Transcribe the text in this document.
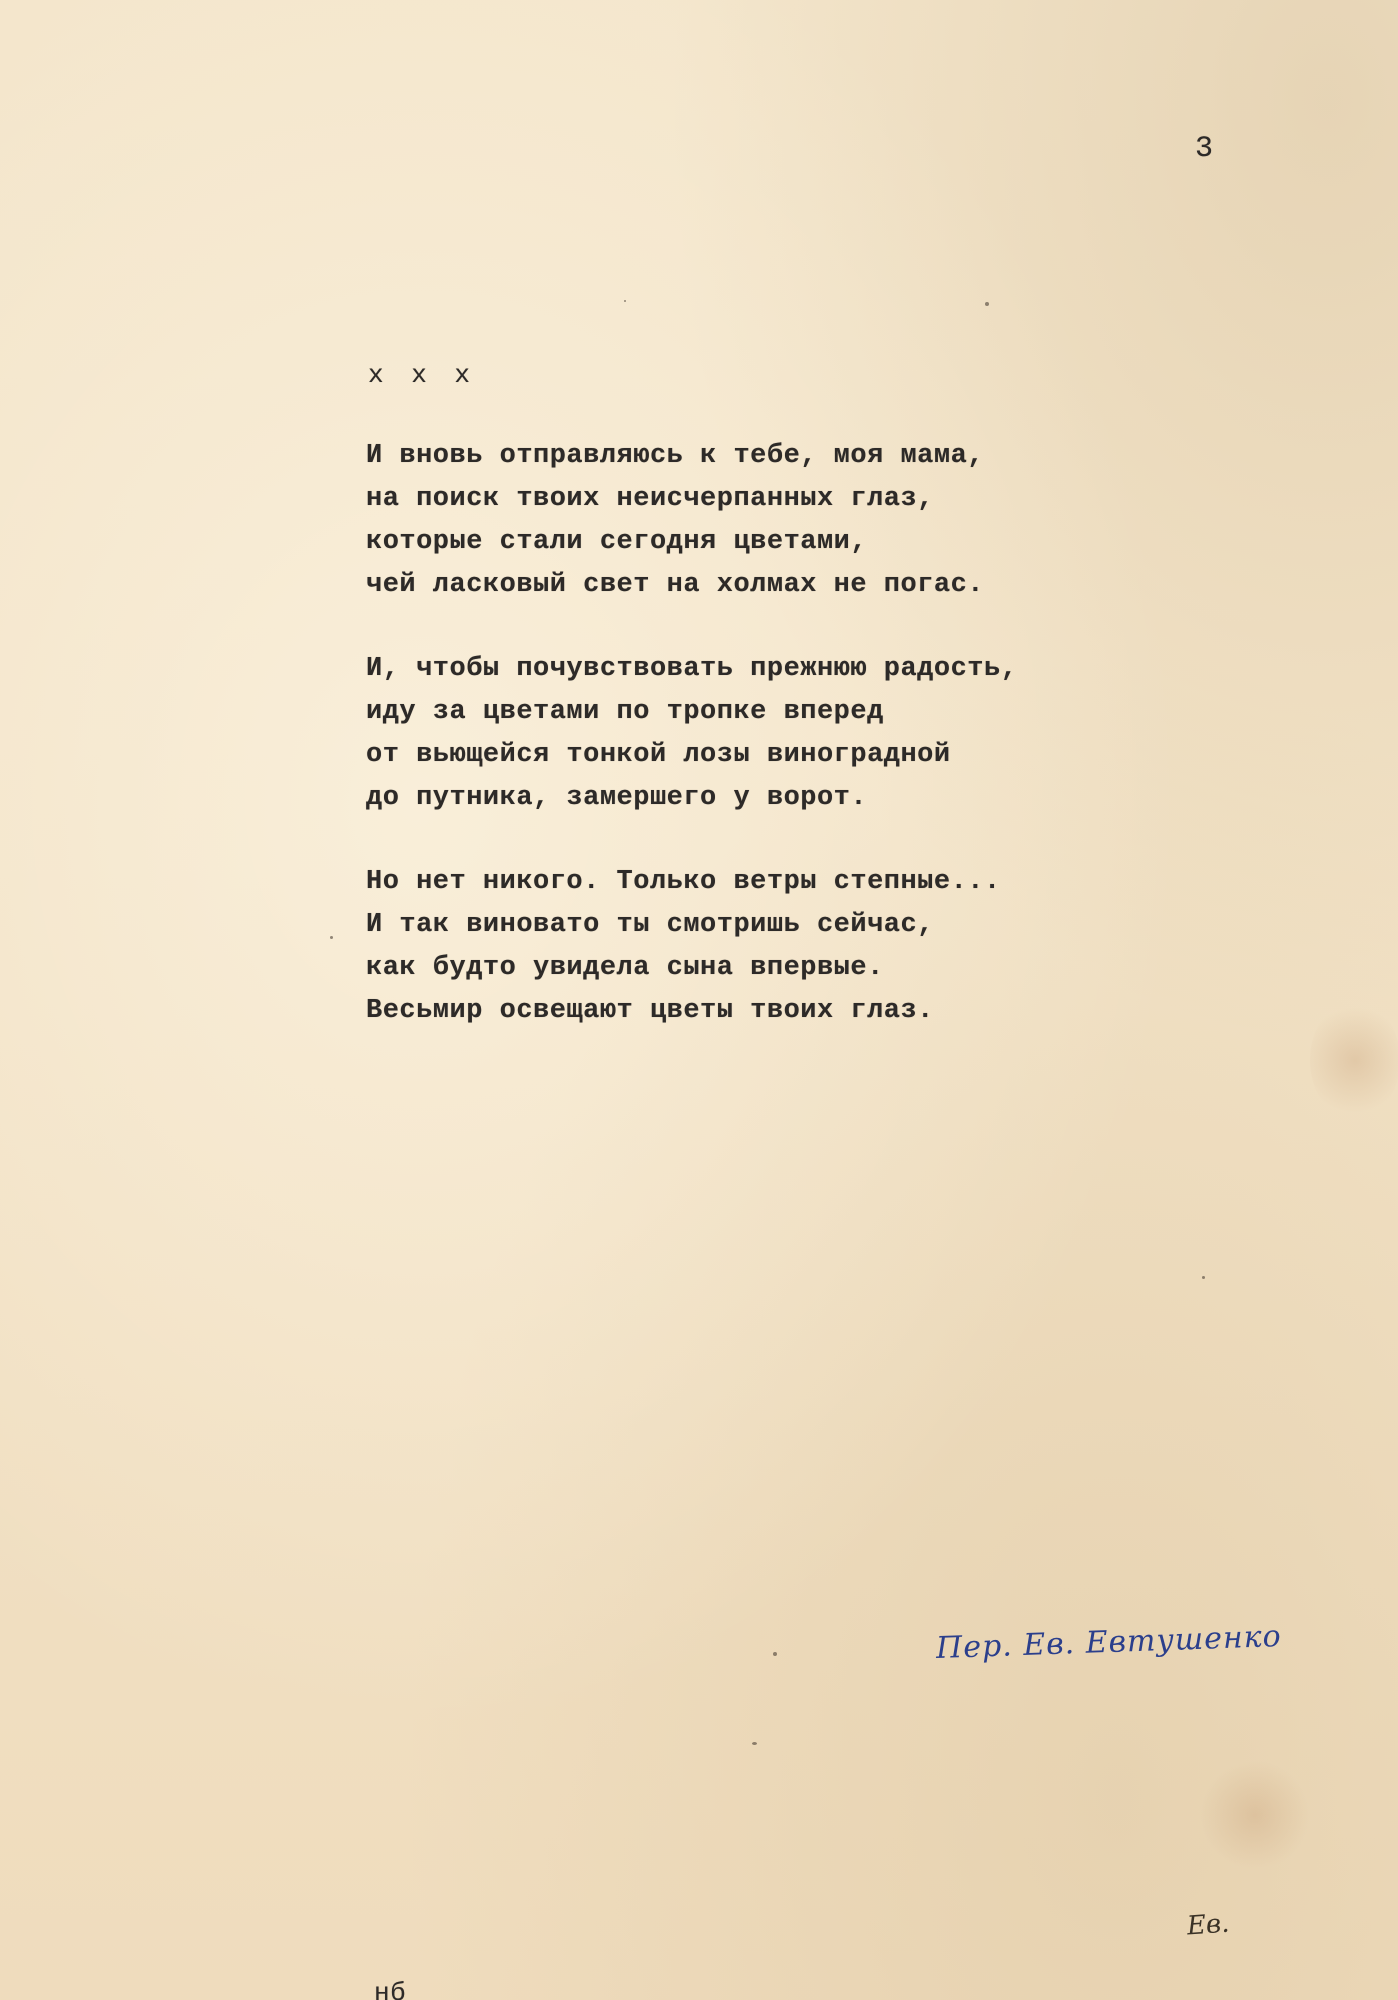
3
x x x
И вновь отправляюсь к тебе, моя мама,
на поиск твоих неисчерпанных глаз,
которые стали сегодня цветами,
чей ласковый свет на холмах не погас.
И, чтобы почувствовать прежнюю радость,
иду за цветами по тропке вперед
от вьющейся тонкой лозы виноградной
до путника, замершего у ворот.
Но нет никого. Только ветры степные...
И так виновато ты смотришь сейчас,
как будто увидела сына впервые.
Весьмир освещают цветы твоих глаз.
Пер. Ев. Евтушенко
Ев.
нб
